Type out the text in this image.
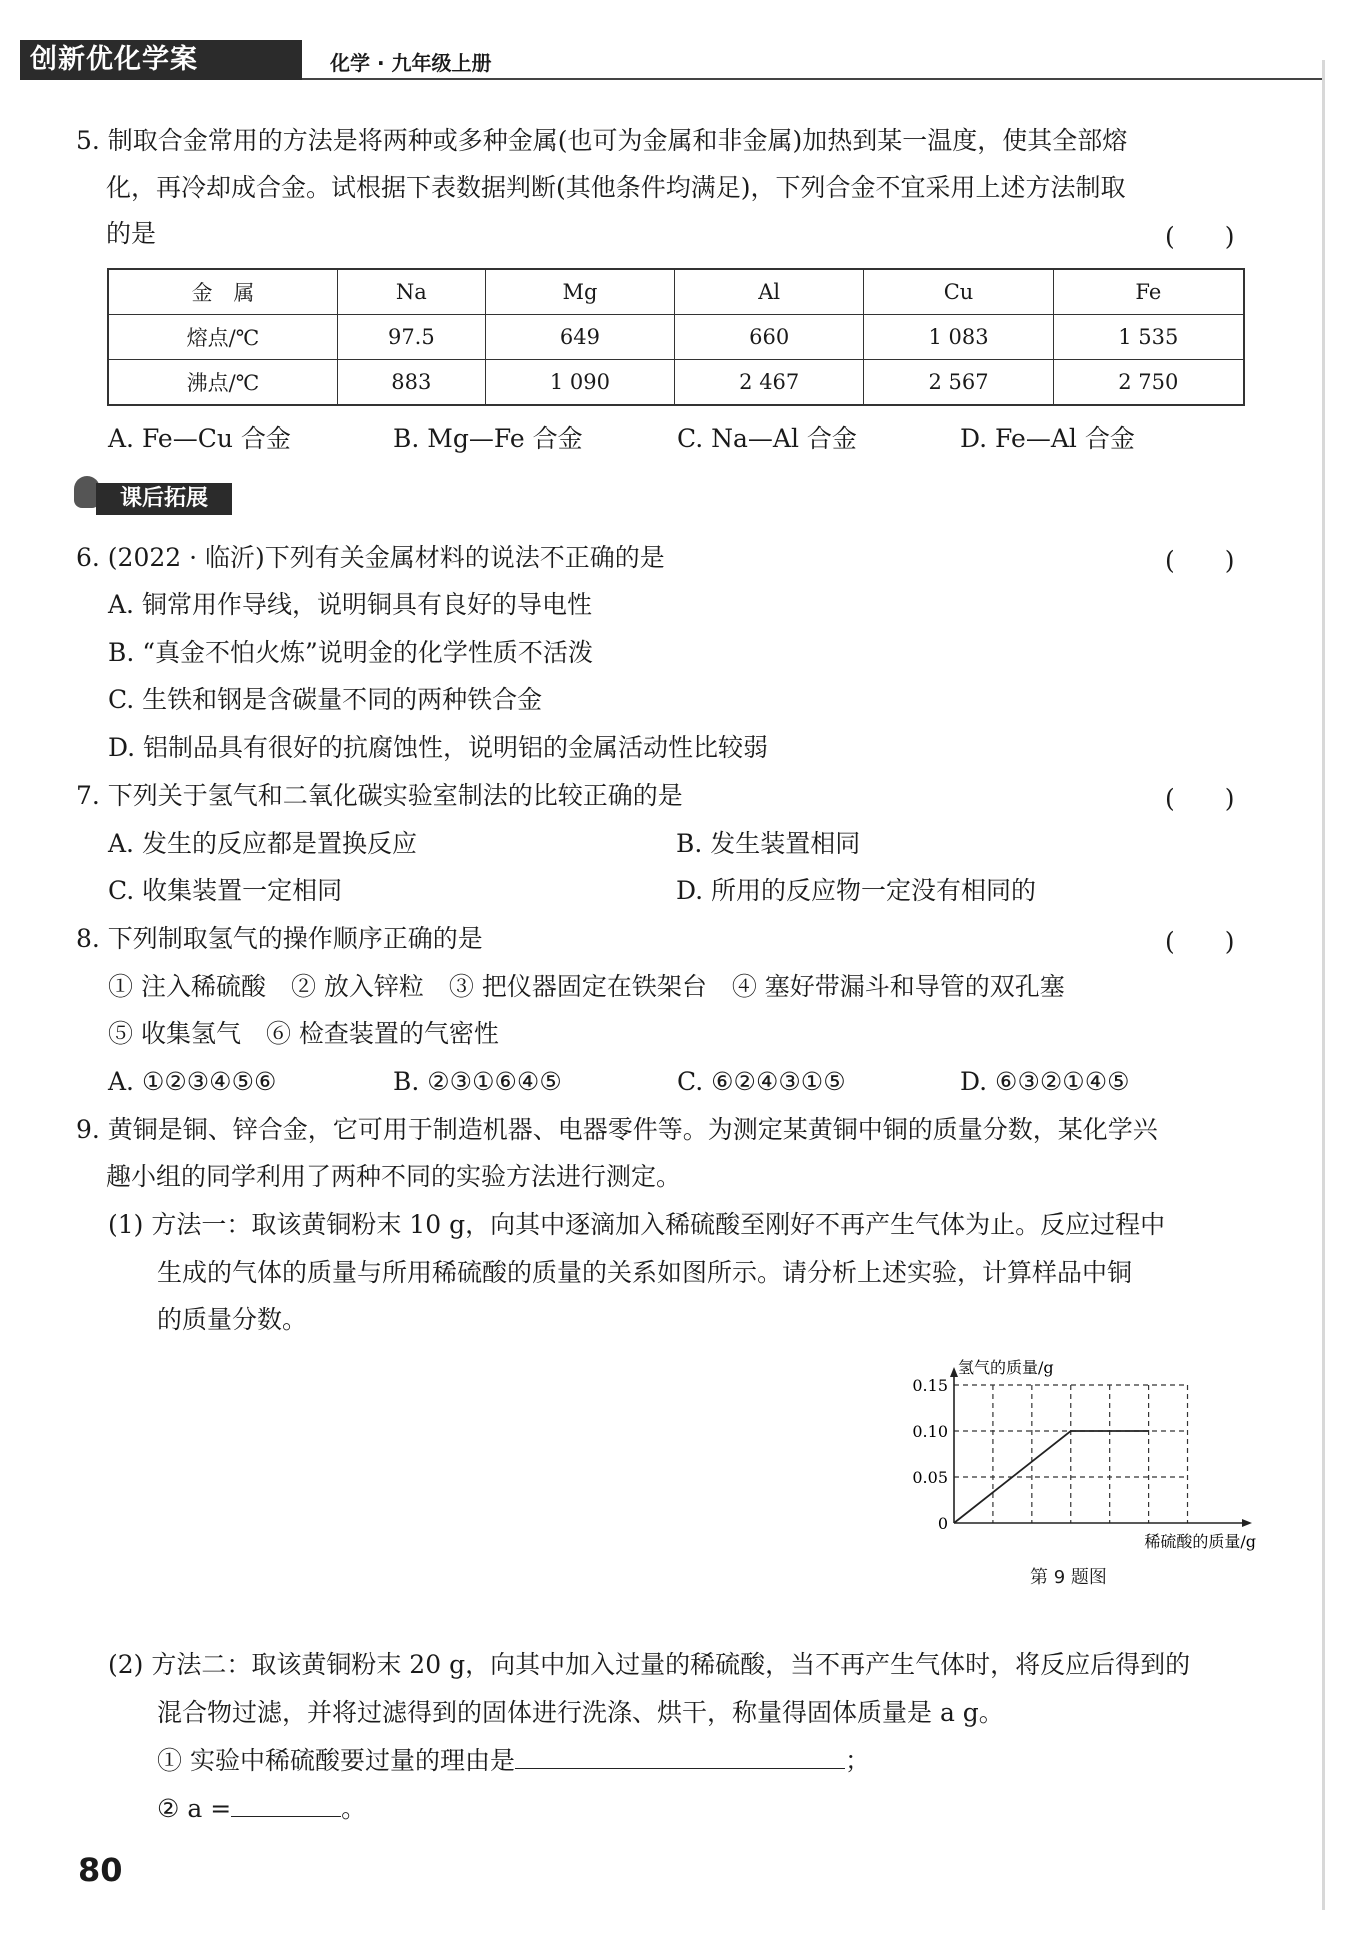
创新优化学案	化学 · 九年级上册
5. 制取合金常用的方法是将两种或多种金属(也可为金属和非金属)加热到某一温度，使其全部熔
化，再冷却成合金。试根据下表数据判断(其他条件均满足)，下列合金不宜采用上述方法制取
的是	(　　)
金　属	Na	Mg	Al	Cu	Fe
熔点/℃	97.5	649	660	1 083	1 535
沸点/℃	883	1 090	2 467	2 567	2 750
A. Fe—Cu 合金	B. Mg—Fe 合金	C. Na—Al 合金	D. Fe—Al 合金
课后拓展
6. (2022 · 临沂)下列有关金属材料的说法不正确的是	(　　)
A. 铜常用作导线，说明铜具有良好的导电性
B. “真金不怕火炼”说明金的化学性质不活泼
C. 生铁和钢是含碳量不同的两种铁合金
D. 铝制品具有很好的抗腐蚀性，说明铝的金属活动性比较弱
7. 下列关于氢气和二氧化碳实验室制法的比较正确的是	(　　)
A. 发生的反应都是置换反应	B. 发生装置相同
C. 收集装置一定相同	D. 所用的反应物一定没有相同的
8. 下列制取氢气的操作顺序正确的是	(　　)
① 注入稀硫酸　② 放入锌粒　③ 把仪器固定在铁架台　④ 塞好带漏斗和导管的双孔塞
⑤ 收集氢气　⑥ 检查装置的气密性
A. ①②③④⑤⑥	B. ②③①⑥④⑤	C. ⑥②④③①⑤	D. ⑥③②①④⑤
9. 黄铜是铜、锌合金，它可用于制造机器、电器零件等。为测定某黄铜中铜的质量分数，某化学兴
趣小组的同学利用了两种不同的实验方法进行测定。
(1) 方法一：取该黄铜粉末 10 g，向其中逐滴加入稀硫酸至刚好不再产生气体为止。反应过程中
生成的气体的质量与所用稀硫酸的质量的关系如图所示。请分析上述实验，计算样品中铜
的质量分数。
0.15
0.10
0.05
0
氢气的质量/g
稀硫酸的质量/g
第 9 题图
(2) 方法二：取该黄铜粉末 20 g，向其中加入过量的稀硫酸，当不再产生气体时，将反应后得到的
混合物过滤，并将过滤得到的固体进行洗涤、烘干，称量得固体质量是 a g。
① 实验中稀硫酸要过量的理由是	；
② a =	。
80
